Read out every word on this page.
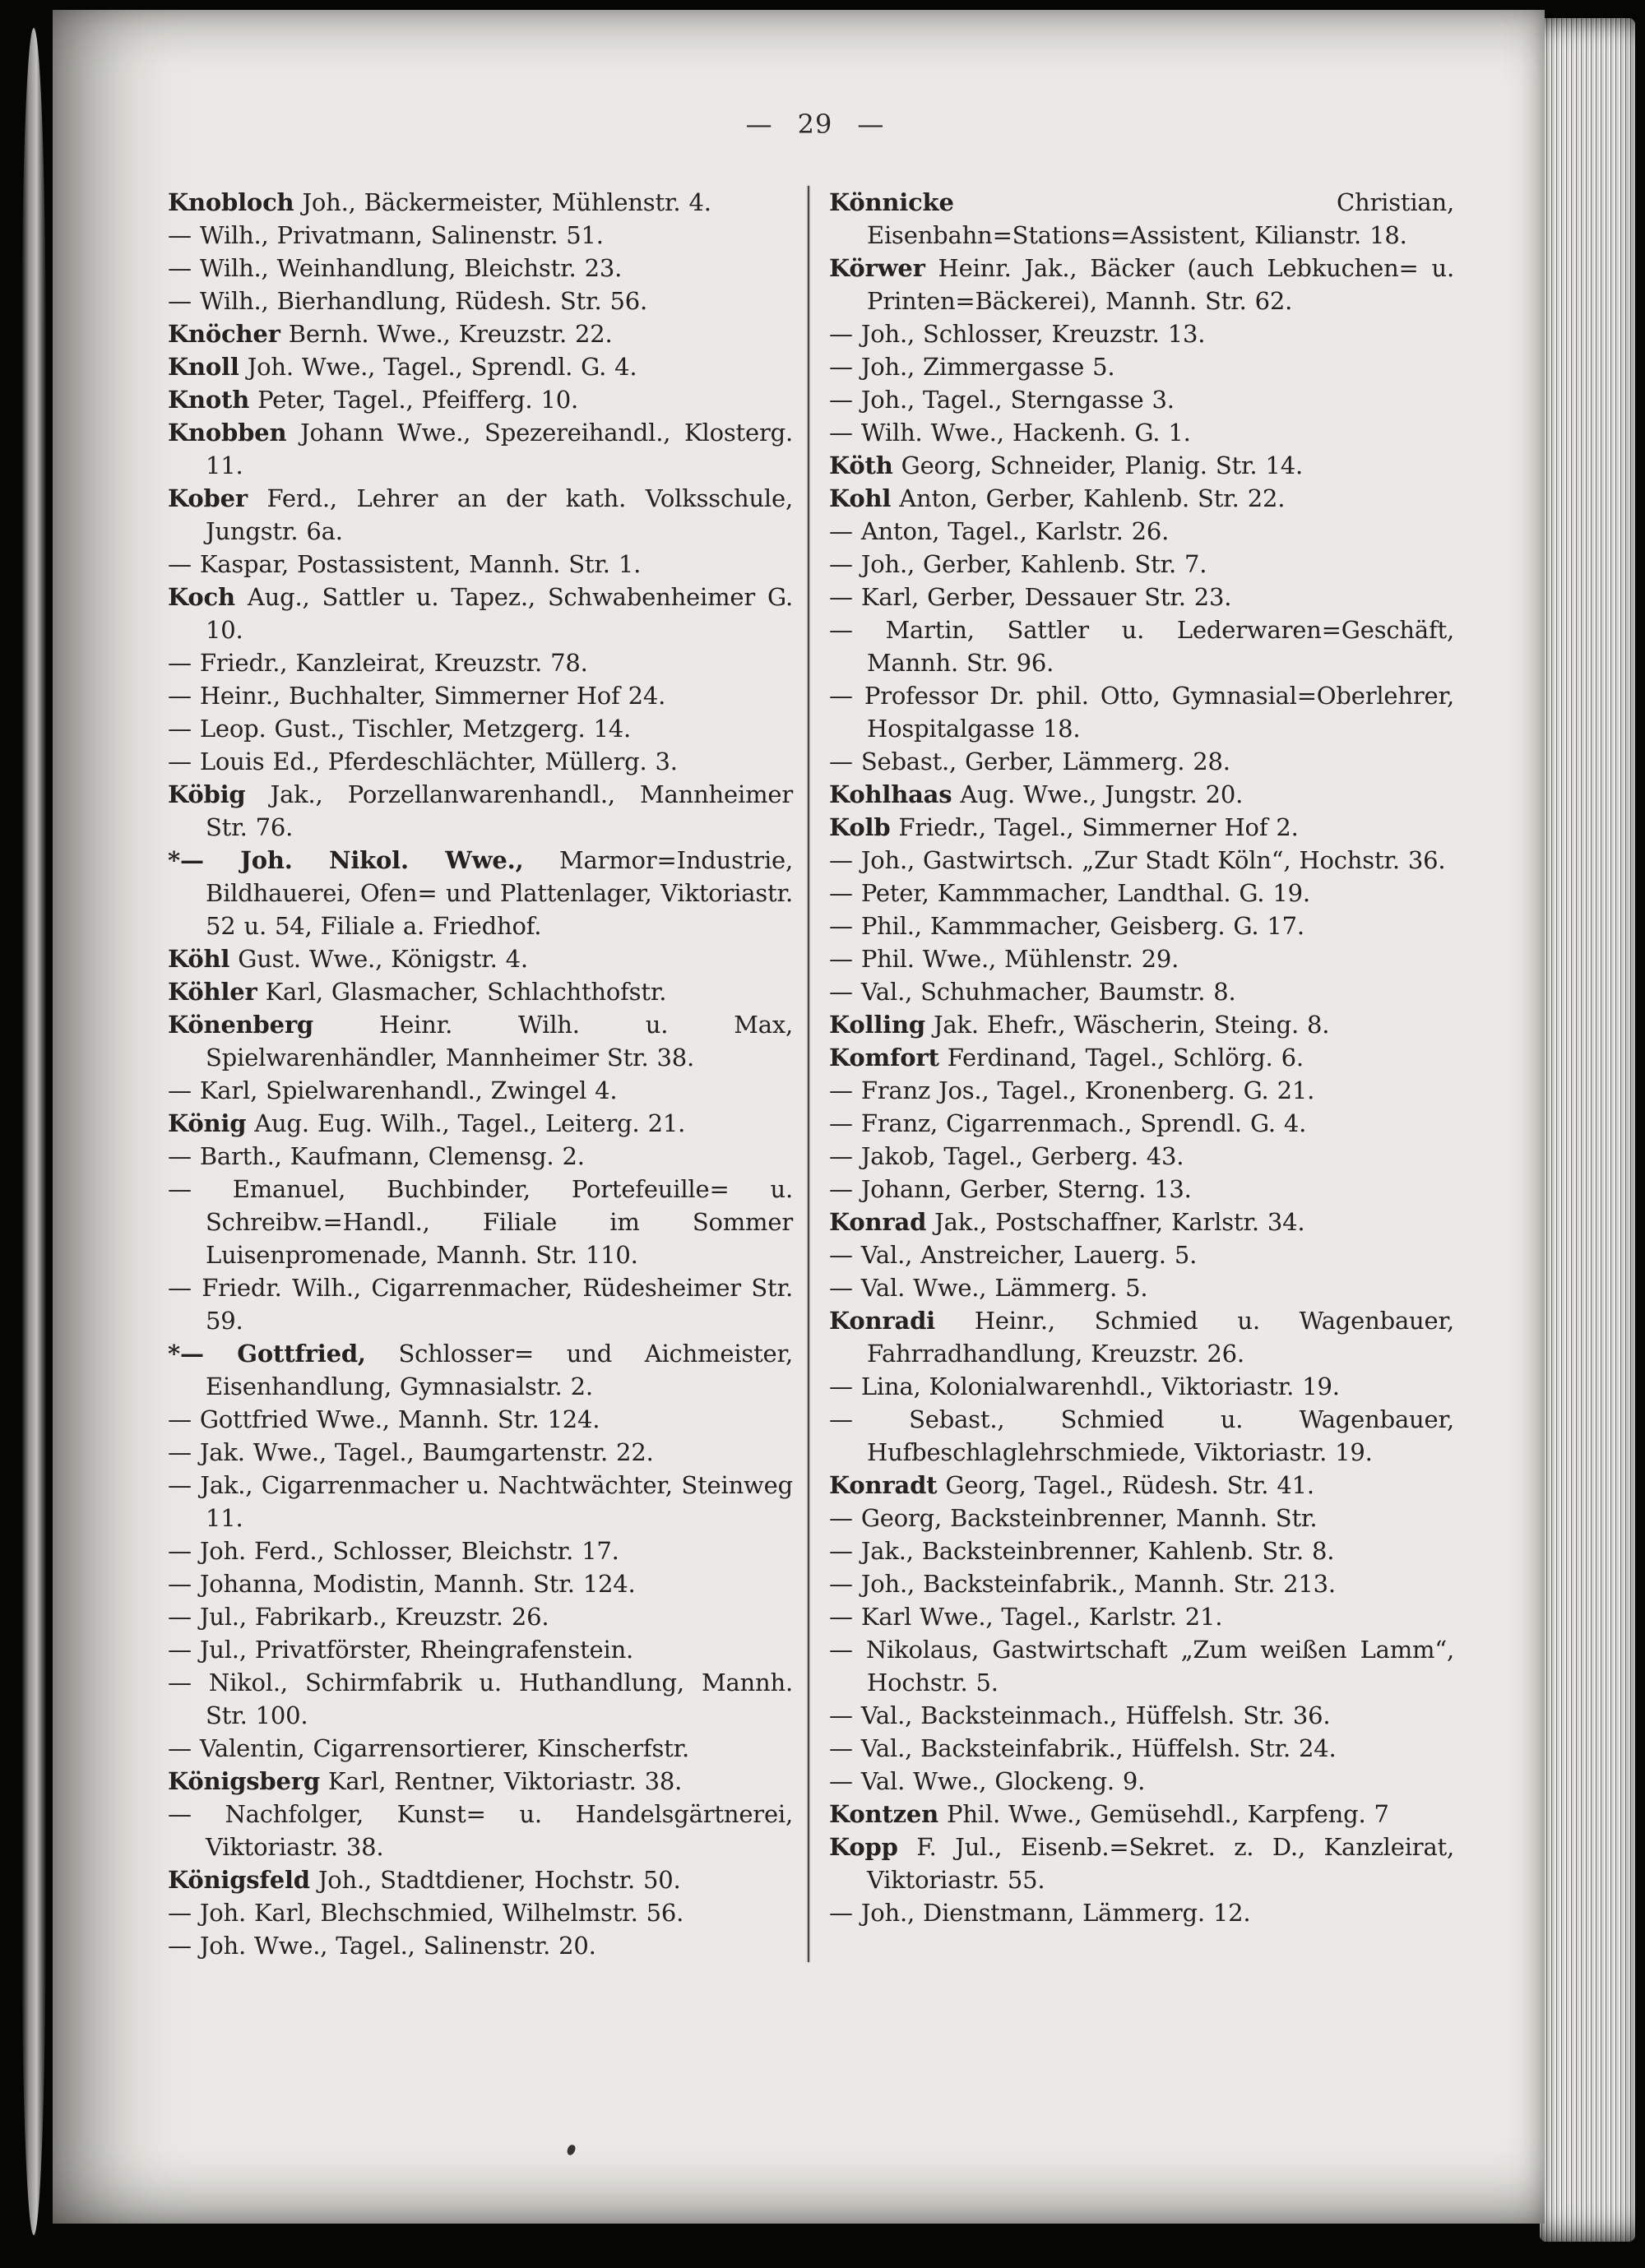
— 29 —
Knobloch Joh., Bäckermeister, Mühlenstr. 4.
— Wilh., Privatmann, Salinenstr. 51.
— Wilh., Weinhandlung, Bleichstr. 23.
— Wilh., Bierhandlung, Rüdesh. Str. 56.
Knöcher Bernh. Wwe., Kreuzstr. 22.
Knoll Joh. Wwe., Tagel., Sprendl. G. 4.
Knoth Peter, Tagel., Pfeifferg. 10.
Knobben Johann Wwe., Spezereihandl., Klosterg. 11.
Kober Ferd., Lehrer an der kath. Volksschule, Jungstr. 6a.
— Kaspar, Postassistent, Mannh. Str. 1.
Koch Aug., Sattler u. Tapez., Schwabenheimer G. 10.
— Friedr., Kanzleirat, Kreuzstr. 78.
— Heinr., Buchhalter, Simmerner Hof 24.
— Leop. Gust., Tischler, Metzgerg. 14.
— Louis Ed., Pferdeschlächter, Müllerg. 3.
Köbig Jak., Porzellanwarenhandl., Mannheimer Str. 76.
*— Joh. Nikol. Wwe., Marmor=Industrie, Bildhauerei, Ofen= und Plattenlager, Viktoriastr. 52 u. 54, Filiale a. Friedhof.
Köhl Gust. Wwe., Königstr. 4.
Köhler Karl, Glasmacher, Schlachthofstr.
Könenberg Heinr. Wilh. u. Max, Spielwarenhändler, Mannheimer Str. 38.
— Karl, Spielwarenhandl., Zwingel 4.
König Aug. Eug. Wilh., Tagel., Leiterg. 21.
— Barth., Kaufmann, Clemensg. 2.
— Emanuel, Buchbinder, Portefeuille= u. Schreibw.=Handl., Filiale im Sommer Luisenpromenade, Mannh. Str. 110.
— Friedr. Wilh., Cigarrenmacher, Rüdesheimer Str. 59.
*— Gottfried, Schlosser= und Aichmeister, Eisenhandlung, Gymnasialstr. 2.
— Gottfried Wwe., Mannh. Str. 124.
— Jak. Wwe., Tagel., Baumgartenstr. 22.
— Jak., Cigarrenmacher u. Nachtwächter, Steinweg 11.
— Joh. Ferd., Schlosser, Bleichstr. 17.
— Johanna, Modistin, Mannh. Str. 124.
— Jul., Fabrikarb., Kreuzstr. 26.
— Jul., Privatförster, Rheingrafenstein.
— Nikol., Schirmfabrik u. Huthandlung, Mannh. Str. 100.
— Valentin, Cigarrensortierer, Kinscherfstr.
Königsberg Karl, Rentner, Viktoriastr. 38.
— Nachfolger, Kunst= u. Handelsgärtnerei, Viktoriastr. 38.
Königsfeld Joh., Stadtdiener, Hochstr. 50.
— Joh. Karl, Blechschmied, Wilhelmstr. 56.
— Joh. Wwe., Tagel., Salinenstr. 20.
Könnicke Christian, Eisenbahn=Stations=Assistent, Kilianstr. 18.
Körwer Heinr. Jak., Bäcker (auch Lebkuchen= u. Printen=Bäckerei), Mannh. Str. 62.
— Joh., Schlosser, Kreuzstr. 13.
— Joh., Zimmergasse 5.
— Joh., Tagel., Sterngasse 3.
— Wilh. Wwe., Hackenh. G. 1.
Köth Georg, Schneider, Planig. Str. 14.
Kohl Anton, Gerber, Kahlenb. Str. 22.
— Anton, Tagel., Karlstr. 26.
— Joh., Gerber, Kahlenb. Str. 7.
— Karl, Gerber, Dessauer Str. 23.
— Martin, Sattler u. Lederwaren=Geschäft, Mannh. Str. 96.
— Professor Dr. phil. Otto, Gymnasial=Oberlehrer, Hospitalgasse 18.
— Sebast., Gerber, Lämmerg. 28.
Kohlhaas Aug. Wwe., Jungstr. 20.
Kolb Friedr., Tagel., Simmerner Hof 2.
— Joh., Gastwirtsch. „Zur Stadt Köln“, Hochstr. 36.
— Peter, Kammmacher, Landthal. G. 19.
— Phil., Kammmacher, Geisberg. G. 17.
— Phil. Wwe., Mühlenstr. 29.
— Val., Schuhmacher, Baumstr. 8.
Kolling Jak. Ehefr., Wäscherin, Steing. 8.
Komfort Ferdinand, Tagel., Schlörg. 6.
— Franz Jos., Tagel., Kronenberg. G. 21.
— Franz, Cigarrenmach., Sprendl. G. 4.
— Jakob, Tagel., Gerberg. 43.
— Johann, Gerber, Sterng. 13.
Konrad Jak., Postschaffner, Karlstr. 34.
— Val., Anstreicher, Lauerg. 5.
— Val. Wwe., Lämmerg. 5.
Konradi Heinr., Schmied u. Wagenbauer, Fahrradhandlung, Kreuzstr. 26.
— Lina, Kolonialwarenhdl., Viktoriastr. 19.
— Sebast., Schmied u. Wagenbauer, Hufbeschlaglehrschmiede, Viktoriastr. 19.
Konradt Georg, Tagel., Rüdesh. Str. 41.
— Georg, Backsteinbrenner, Mannh. Str.
— Jak., Backsteinbrenner, Kahlenb. Str. 8.
— Joh., Backsteinfabrik., Mannh. Str. 213.
— Karl Wwe., Tagel., Karlstr. 21.
— Nikolaus, Gastwirtschaft „Zum weißen Lamm“, Hochstr. 5.
— Val., Backsteinmach., Hüffelsh. Str. 36.
— Val., Backsteinfabrik., Hüffelsh. Str. 24.
— Val. Wwe., Glockeng. 9.
Kontzen Phil. Wwe., Gemüsehdl., Karpfeng. 7
Kopp F. Jul., Eisenb.=Sekret. z. D., Kanzleirat, Viktoriastr. 55.
— Joh., Dienstmann, Lämmerg. 12.
